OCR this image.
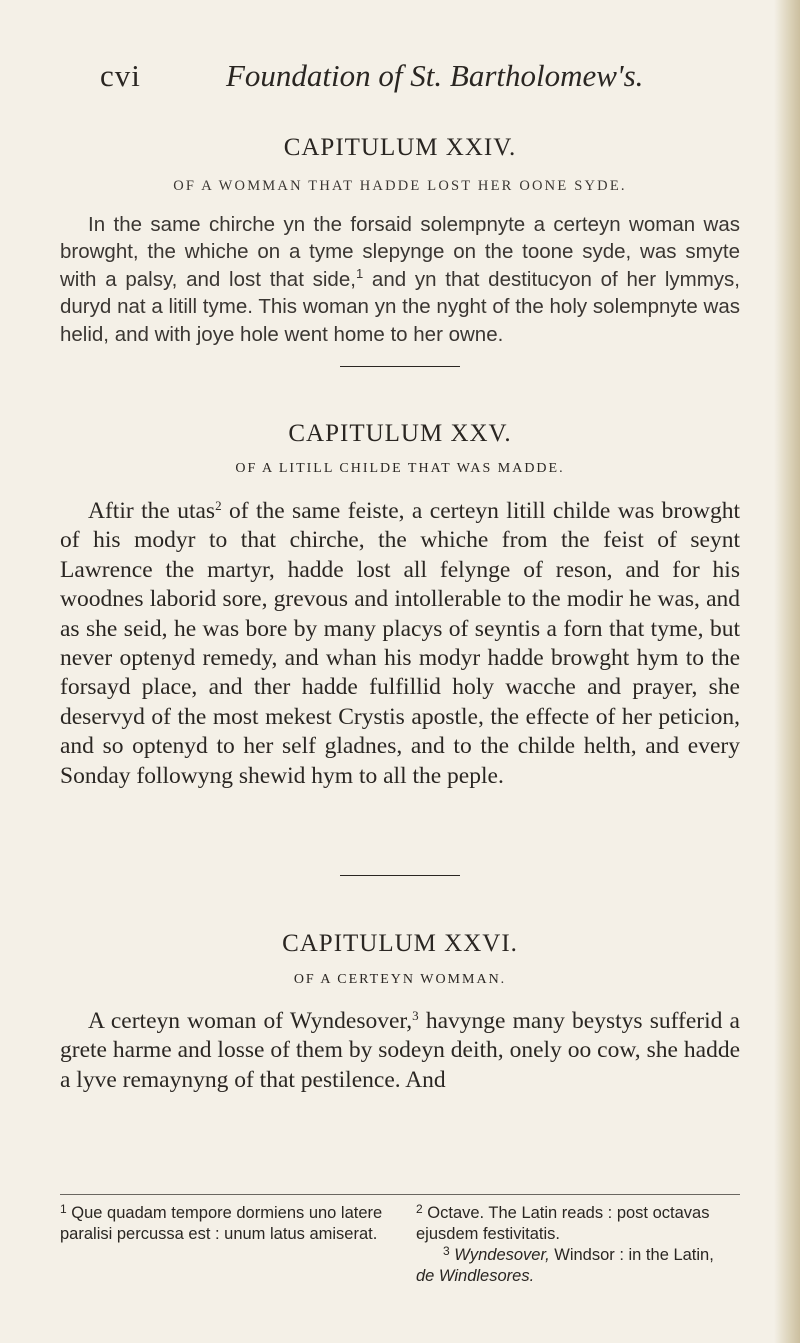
cvi	Foundation of St. Bartholomew's.
CAPITULUM XXIV.
OF A WOMMAN THAT HADDE LOST HER OONE SYDE.

In the same chirche yn the forsaid solempnyte a certeyn woman was browght, the whiche on a tyme slepynge on the toone syde, was smyte with a palsy, and lost that side,$^1$ and yn that destitucyon of her lymmys, duryd nat a litill tyme. This woman yn the nyght of the holy solempnyte was helid, and with joye hole went home to her owne.

CAPITULUM XXV.
OF A LITILL CHILDE THAT WAS MADDE.

Aftir the utas$^2$ of the same feiste, a certeyn litill childe was browght of his modyr to that chirche, the whiche from the feist of seynt Lawrence the martyr, hadde lost all felynge of reson, and for his woodnes laborid sore, grevous and intollerable to the modir he was, and as she seid, he was bore by many placys of seyntis a forn that tyme, but never optenyd remedy, and whan his modyr hadde browght hym to the forsayd place, and ther hadde fulfillid holy wacche and prayer, she deservyd of the most mekest Crystis apostle, the effecte of her peticion, and so optenyd to her self gladnes, and to the childe helth, and every Sonday followyng shewid hym to all the peple.

CAPITULUM XXVI.
OF A CERTEYN WOMMAN.

A certeyn woman of Wyndesover,$^3$ havynge many beystys sufferid a grete harme and losse of them by sodeyn deith, onely oo cow, she hadde a lyve remaynyng of that pestilence. And

$^1$ Que quadam tempore dormiens uno latere paralisi percussa est : unum latus amiserat.

$^2$ Octave. The Latin reads : post octavas ejusdem festivitatis.
$^3$ Wyndesover, Windsor : in the Latin,
de Windlesores.
